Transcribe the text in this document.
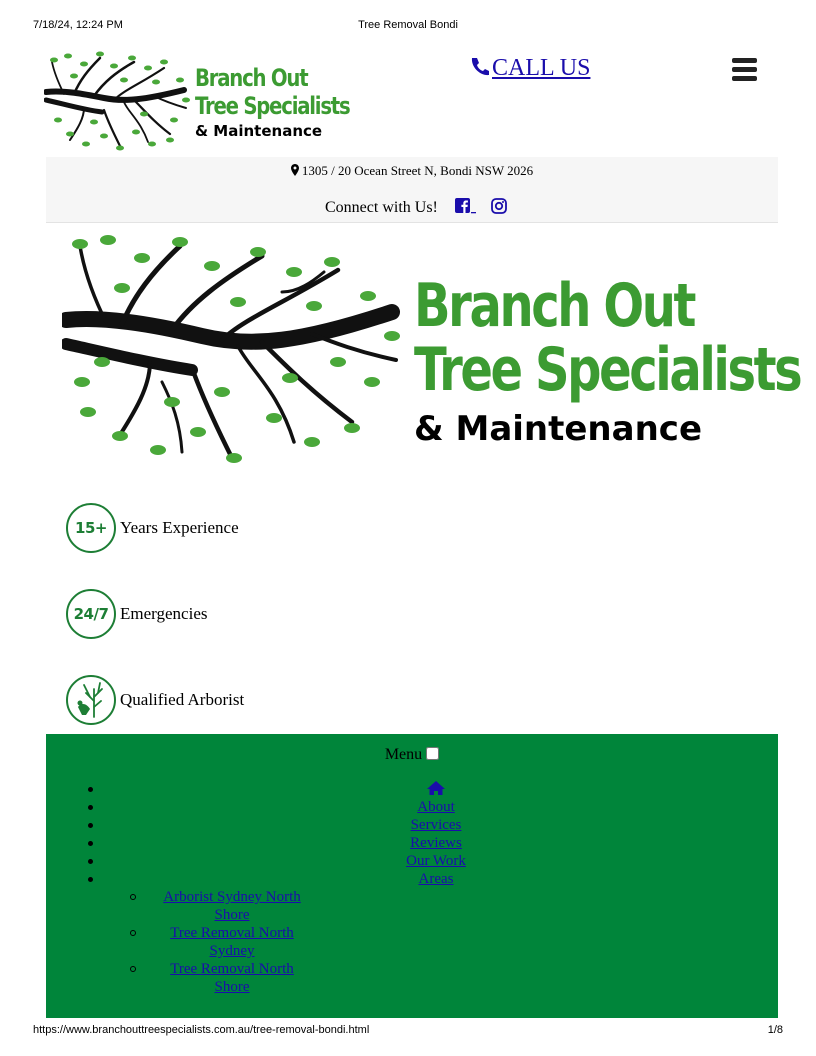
7/18/24, 12:24 PM	Tree Removal Bondi
Branch Out
Tree Specialists
& Maintenance
CALL US
1305 / 20 Ocean Street N, Bondi NSW 2026
Connect with Us!
Branch Out
Tree Specialists
& Maintenance
15+ Years Experience
24/7 Emergencies
Qualified Arborist
Menu
About
Services
Reviews
Our Work
Areas
Arborist Sydney North
Shore
Tree Removal North
Sydney
Tree Removal North
Shore
https://www.branchouttreespecialists.com.au/tree-removal-bondi.html	1/8
